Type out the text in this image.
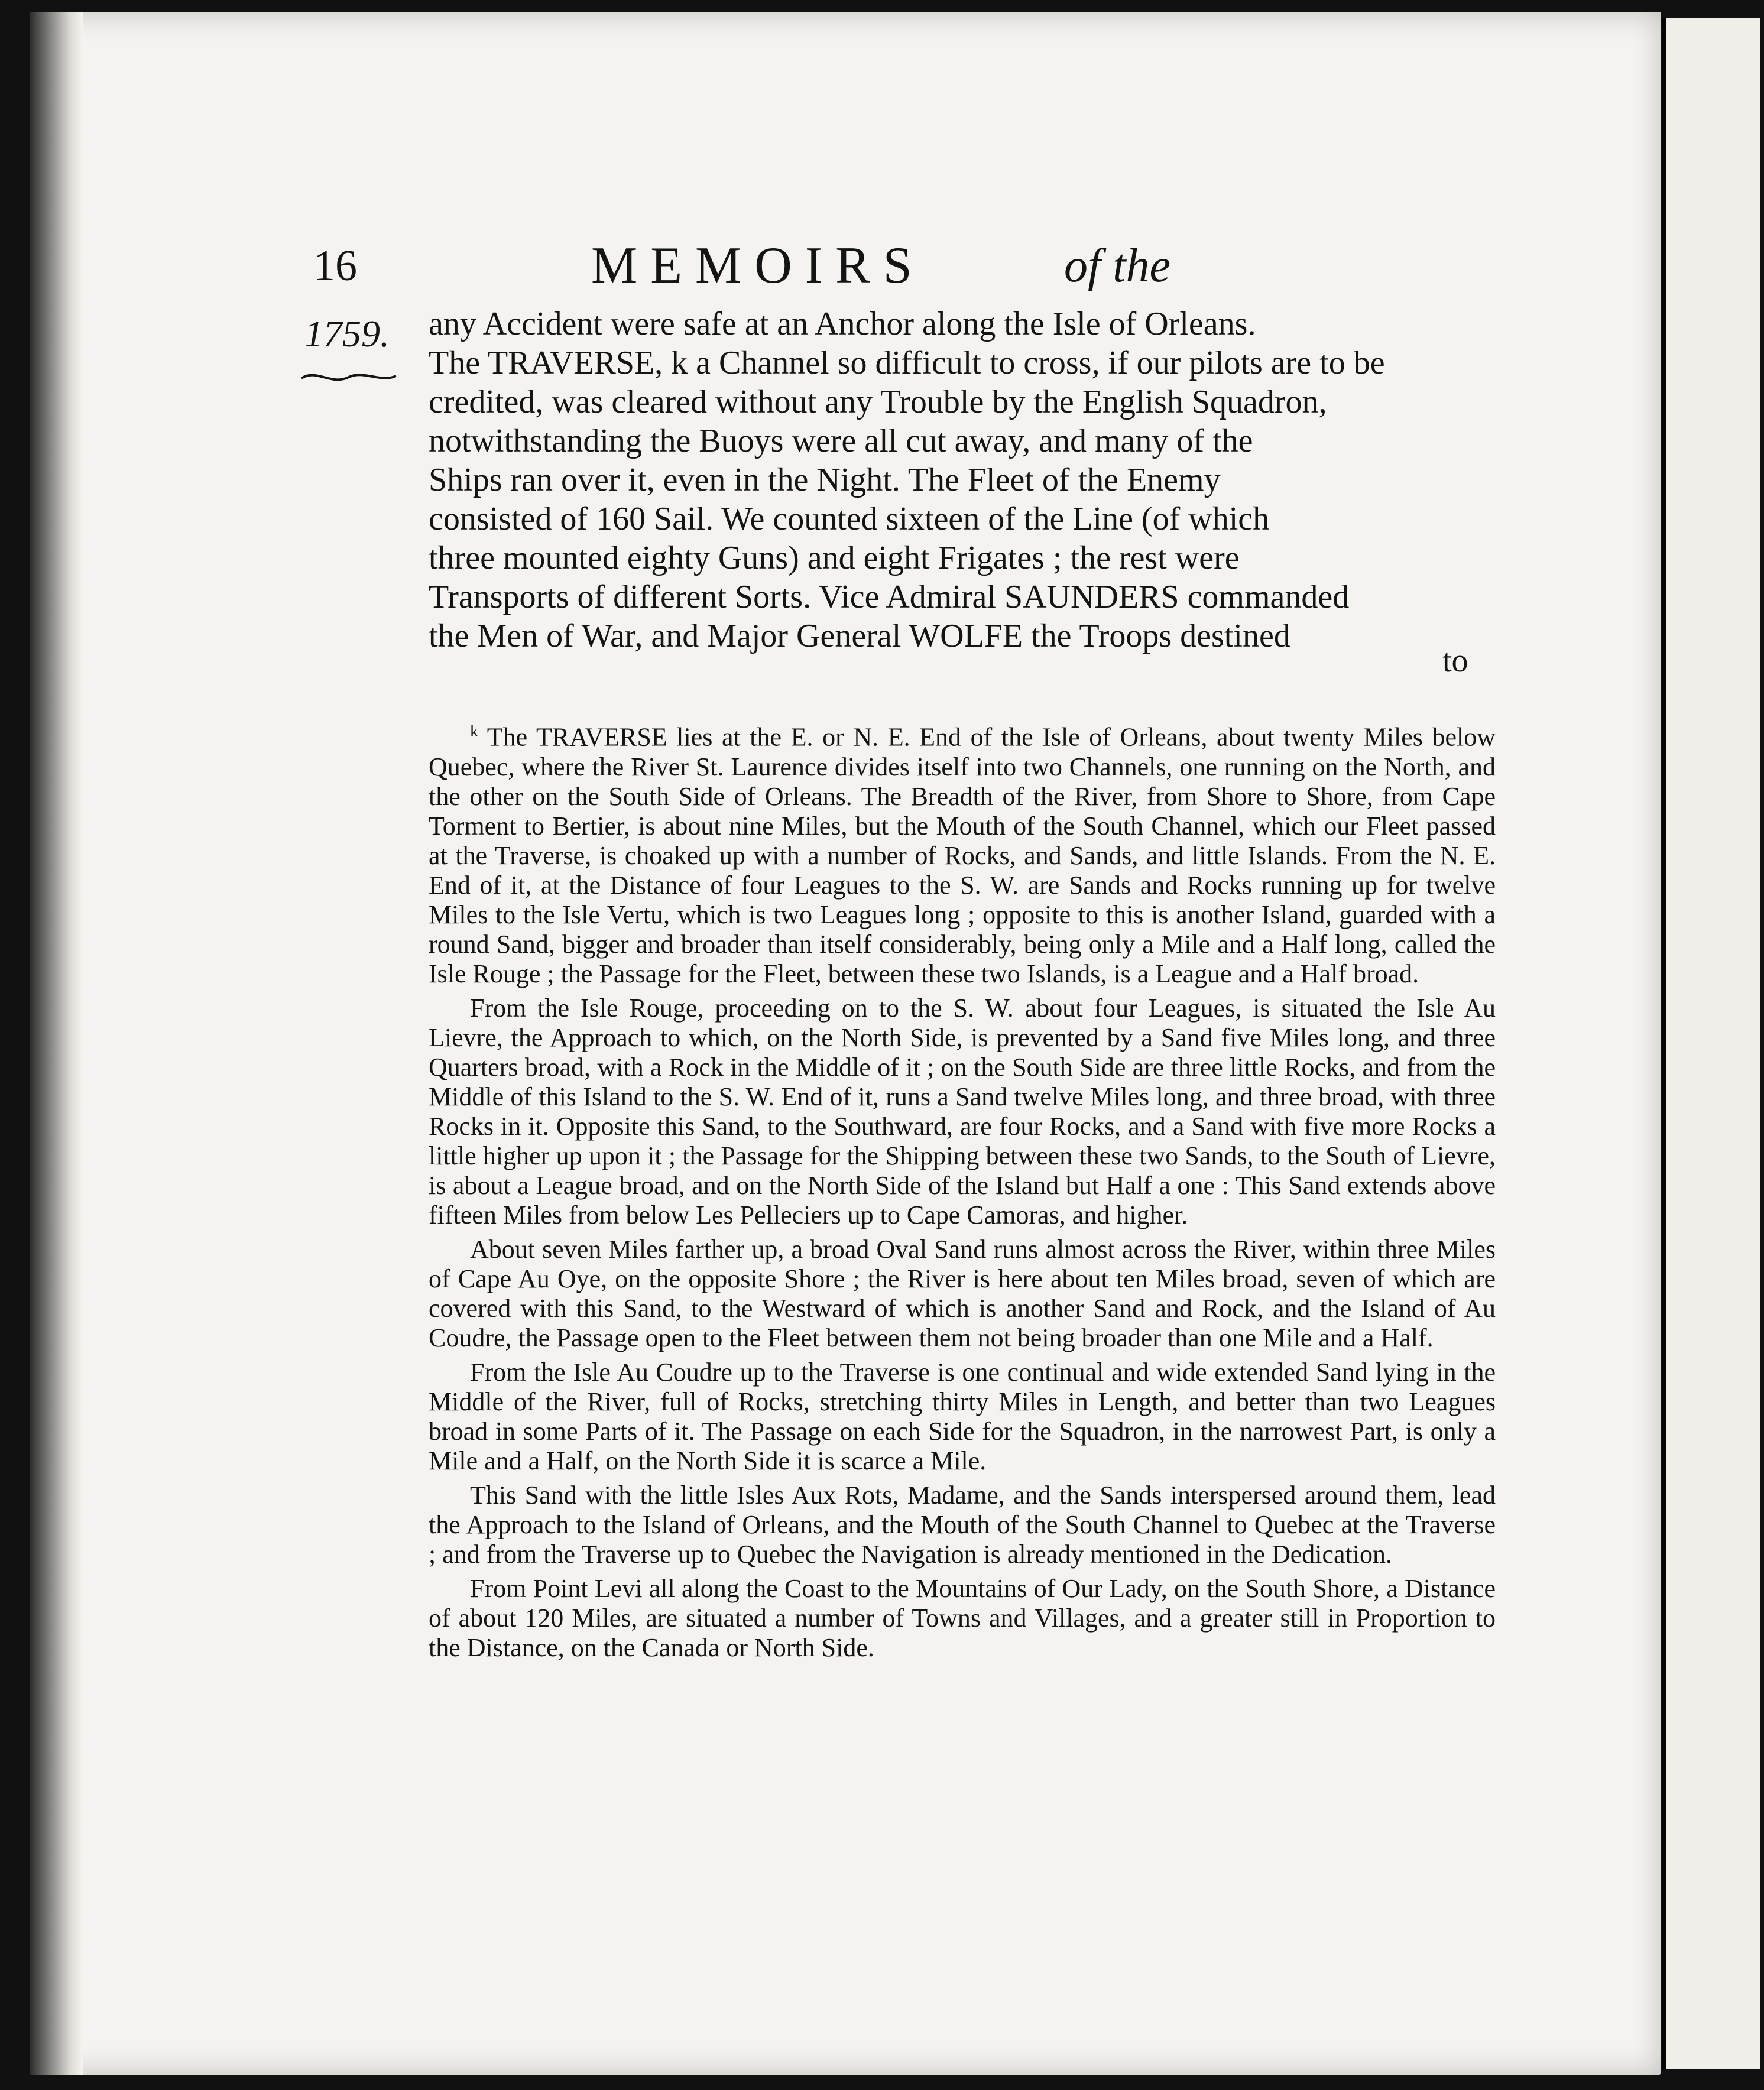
16	MEMOIRS	of the
1759. any Accident were safe at an Anchor along the Isle of Orleans.
The TRAVERSE, k a Channel so difficult to cross, if our pilots are to be
credited, was cleared without any Trouble by the English Squadron,
notwithstanding the Buoys were all cut away, and many of the
Ships ran over it, even in the Night. The Fleet of the Enemy
consisted of 160 Sail. We counted sixteen of the Line (of which
three mounted eighty Guns) and eight Frigates ; the rest were
Transports of different Sorts. Vice Admiral SAUNDERS commanded
the Men of War, and Major General WOLFE the Troops destined
to

$^k$ The TRAVERSE lies at the E. or N. E. End of the Isle of Orleans, about twenty Miles below Quebec, where the River St. Laurence divides itself into two Channels, one running on the North, and the other on the South Side of Orleans. The Breadth of the River, from Shore to Shore, from Cape Torment to Bertier, is about nine Miles, but the Mouth of the South Channel, which our Fleet passed at the Traverse, is choaked up with a number of Rocks, and Sands, and little Islands. From the N. E. End of it, at the Distance of four Leagues to the S. W. are Sands and Rocks running up for twelve Miles to the Isle Vertu, which is two Leagues long ; opposite to this is another Island, guarded with a round Sand, bigger and broader than itself considerably, being only a Mile and a Half long, called the Isle Rouge ; the Passage for the Fleet, between these two Islands, is a League and a Half broad.

From the Isle Rouge, proceeding on to the S. W. about four Leagues, is situated the Isle Au Lievre, the Approach to which, on the North Side, is prevented by a Sand five Miles long, and three Quarters broad, with a Rock in the Middle of it ; on the South Side are three little Rocks, and from the Middle of this Island to the S. W. End of it, runs a Sand twelve Miles long, and three broad, with three Rocks in it. Opposite this Sand, to the Southward, are four Rocks, and a Sand with five more Rocks a little higher up upon it ; the Passage for the Shipping between these two Sands, to the South of Lievre, is about a League broad, and on the North Side of the Island but Half a one : This Sand extends above fifteen Miles from below Les Pelleciers up to Cape Camoras, and higher.

About seven Miles farther up, a broad Oval Sand runs almost across the River, within three Miles of Cape Au Oye, on the opposite Shore ; the River is here about ten Miles broad, seven of which are covered with this Sand, to the Westward of which is another Sand and Rock, and the Island of Au Coudre, the Passage open to the Fleet between them not being broader than one Mile and a Half.

From the Isle Au Coudre up to the Traverse is one continual and wide extended Sand lying in the Middle of the River, full of Rocks, stretching thirty Miles in Length, and better than two Leagues broad in some Parts of it. The Passage on each Side for the Squadron, in the narrowest Part, is only a Mile and a Half, on the North Side it is scarce a Mile.

This Sand with the little Isles Aux Rots, Madame, and the Sands interspersed around them, lead the Approach to the Island of Orleans, and the Mouth of the South Channel to Quebec at the Traverse ; and from the Traverse up to Quebec the Navigation is already mentioned in the Dedication.

From Point Levi all along the Coast to the Mountains of Our Lady, on the South Shore, a Distance of about 120 Miles, are situated a number of Towns and Villages, and a greater still in Proportion to the Distance, on the Canada or North Side.
